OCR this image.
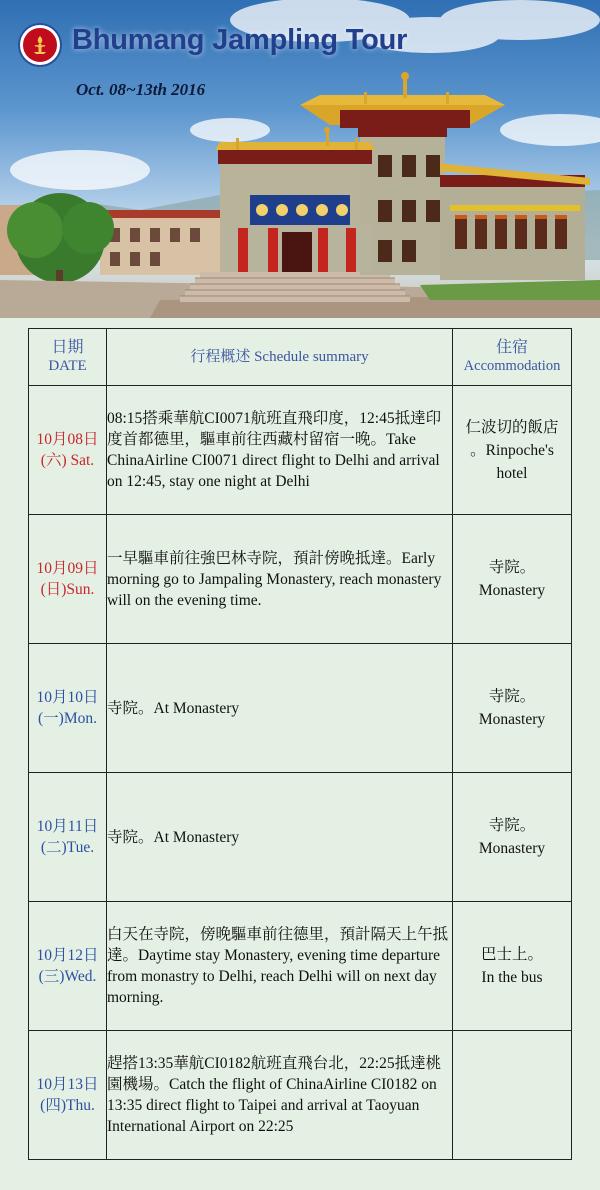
Bhumang Jampling Tour

Oct. 08~13th 2016

日期
DATE	行程概述 Schedule summary	住宿
Accommodation

10月08日
(六) Sat.	08:15搭乘華航CI0071航班直飛印度，12:45抵達印度首都德里，驅車前往西藏村留宿一晚。Take ChinaAirline CI0071 direct flight to Delhi and arrival on 12:45, stay one night at Delhi	仁波切的飯店
。Rinpoche's hotel

10月09日
(日)Sun.	一早驅車前往強巴林寺院，預計傍晚抵達。Early morning go to Jampaling Monastery, reach monastery will on the evening time.	寺院。
Monastery

10月10日
(一)Mon.	寺院。At Monastery	寺院。
Monastery

10月11日
(二)Tue.	寺院。At Monastery	寺院。
Monastery

10月12日
(三)Wed.	白天在寺院，傍晚驅車前往德里，預計隔天上午抵達。Daytime stay Monastery, evening time departure from monastry to Delhi, reach Delhi will on next day morning.	巴士上。
In the bus

10月13日
(四)Thu.	趕搭13:35華航CI0182航班直飛台北，22:25抵達桃園機場。Catch the flight of ChinaAirline CI0182 on 13:35 direct flight to Taipei and arrival at Taoyuan International Airport on 22:25	
